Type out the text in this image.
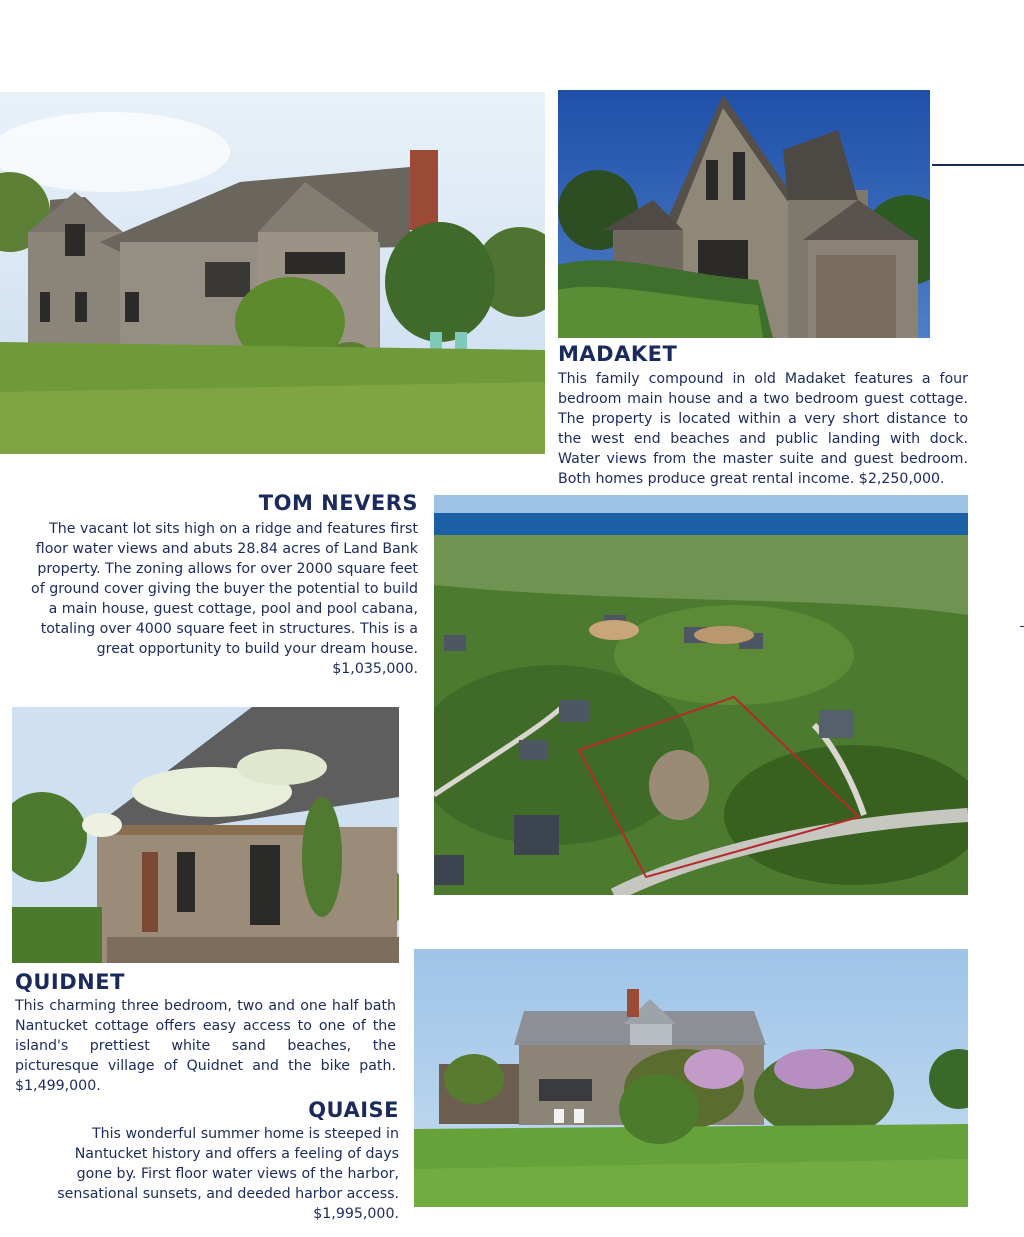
MADAKET

This family compound in old Madaket features a four bedroom main house and a two bedroom guest cottage. The property is located within a very short distance to the west end beaches and public landing with dock. Water views from the master suite and guest bedroom. Both homes produce great rental income. $2,250,000.

TOM NEVERS

The vacant lot sits high on a ridge and features first floor water views and abuts 28.84 acres of Land Bank property. The zoning allows for over 2000 square feet of ground cover giving the buyer the potential to build a main house, guest cottage, pool and pool cabana, totaling over 4000 square feet in structures. This is a great opportunity to build your dream house. $1,035,000.

QUIDNET

This charming three bedroom, two and one half bath Nantucket cottage offers easy access to one of the island's prettiest white sand beaches, the picturesque village of Quidnet and the bike path. $1,499,000.

QUAISE

This wonderful summer home is steeped in Nantucket history and offers a feeling of days gone by. First floor water views of the harbor, sensational sunsets, and deeded harbor access. $1,995,000.
